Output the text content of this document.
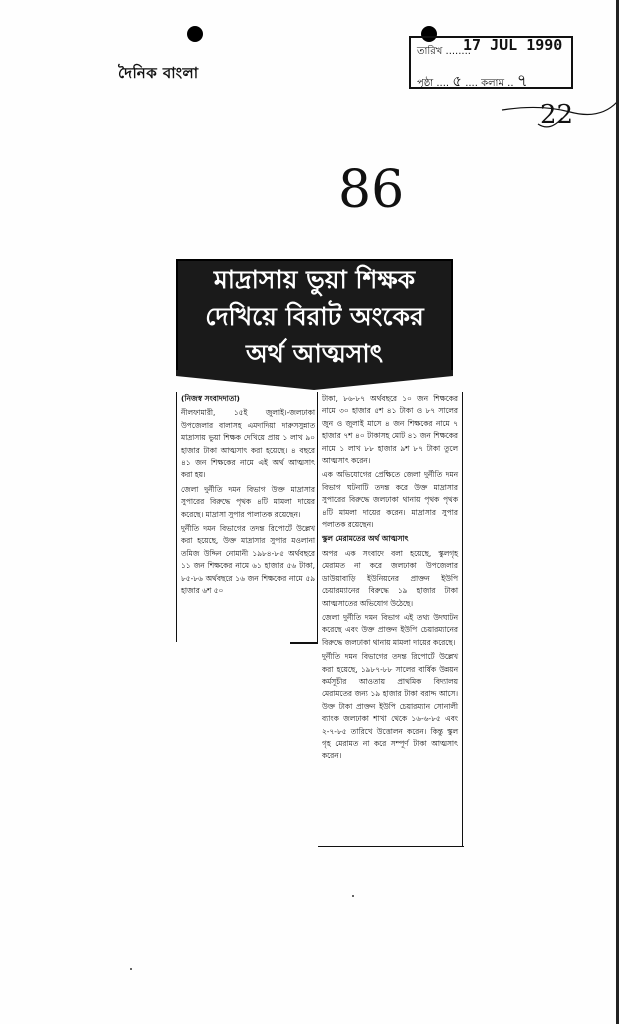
দৈনিক বাংলা
তারিখ ........
17 JUL 1990
পৃষ্ঠা .... ৫ .... কলাম .. ৭
22
86
মাদ্রাসায় ভুয়া শিক্ষক
দেখিয়ে বিরাট অংকের
অর্থ আত্মসাৎ

(নিজস্ব সংবাদদাতা)

নীলফামারী, ১৫ই জুলাই।-জলঢাকা উপজেলার বালাসহ এমদাদিয়া দারুসসুন্নাত মাদ্রাসায় ভুয়া শিক্ষক দেখিয়ে প্রায় ১ লাখ ৯০ হাজার টাকা আত্মসাৎ করা হয়েছে। ৪ বছরে ৪১ জন শিক্ষকের নামে এই অর্থ আত্মসাৎ করা হয়।

জেলা দুর্নীতি দমন বিভাগ উক্ত মাদ্রাসার সুপারের বিরুদ্ধে পৃথক ৪টি মামলা দায়ের করেছে। মাদ্রাসা সুপার পালাতক রয়েছেন।

দুর্নীতি দমন বিভাগের তদন্ত রিপোর্টে উল্লেখ করা হয়েছে, উক্ত মাদ্রাসার সুপার মওলানা তমিজ উদ্দিন নোমানী ১৯৮৪-৮৫ অর্থবছরে ১১ জন শিক্ষকের নামে ৬১ হাজার ৫৬ টাকা, ৮৫-৮৬ অর্থবছরে ১৬ জন শিক্ষকের নামে ৫৯ হাজার ৬শ ৫০

টাকা, ৮৬-৮৭ অর্থবছরে ১০ জন শিক্ষকের নামে ৩০ হাজার ৫শ ৪১ টাকা ও ৮৭ সালের জুন ও জুলাই মাসে ৪ জন শিক্ষকের নামে ৭ হাজার ৭শ ৪০ টাকাসহ মোট ৪১ জন শিক্ষকের নামে ১ লাখ ৮৮ হাজার ৯শ ৮৭ টাকা তুলে আত্মসাৎ করেন।

এক অভিযোগের প্রেক্ষিতে জেলা দুর্নীতি দমন বিভাগ ঘটনাটি তদন্ত করে উক্ত মাদ্রাসার সুপারের বিরুদ্ধে জলঢাকা থানায় পৃথক পৃথক ৪টি মামলা দায়ের করেন। মাদ্রাসার সুপার পলাতক রয়েছেন।

স্কুল মেরামতের অর্থ আত্মসাৎ

অপর এক সংবাদে বলা হয়েছে, স্কুলগৃহ মেরামত না করে জলঢাকা উপজেলার ডাউয়াবাড়ি ইউনিয়নের প্রাক্তন ইউপি চেয়ারম্যানের বিরুদ্ধে ১৯ হাজার টাকা আত্মসাতের অভিযোগ উঠেছে।

জেলা দুর্নীতি দমন বিভাগ এই তথ্য উদঘাটন করেছে এবং উক্ত প্রাক্তন ইউপি চেয়ারম্যানের বিরুদ্ধে জলঢাকা থানায় মামলা দায়ের করেছে।

দুর্নীতি দমন বিভাগের তদন্ত রিপোর্টে উল্লেখ করা হয়েছে, ১৯৮৭-৮৮ সালের বার্ষিক উন্নয়ন কর্মসূচীর আওতায় প্রাথমিক বিদ্যালয় মেরামতের জন্য ১৯ হাজার টাকা বরাদ্দ আসে। উক্ত টাকা প্রাক্তন ইউপি চেয়ারম্যান সোনালী ব্যাংক জলঢাকা শাখা থেকে ১৬-৬-৮৫ এবং ২-৭-৮৫ তারিখে উত্তোলন করেন। কিন্তু স্কুল গৃহ মেরামত না করে সম্পূর্ণ টাকা আত্মসাৎ করেন।
